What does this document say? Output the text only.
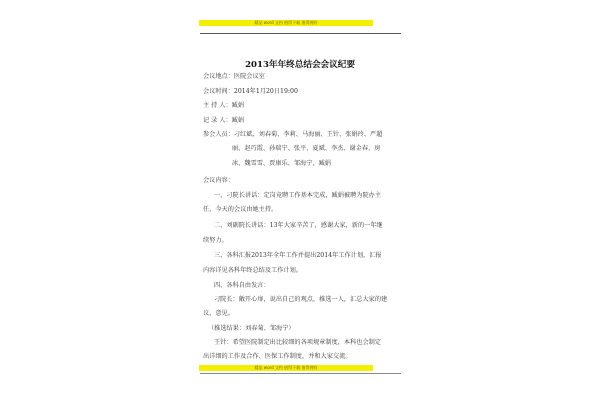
精品 word 文档 值得下载 值得拥有
2013年年终总结会会议纪要
会议地点：医院会议室
会议时间：2014年1月20日19:00
主 持 人：臧娟
记 录 人：臧娟
参会人员：刁红斌、刘春菊、李莉、马海丽、王针、张娟玲、严超
丽、赵巧霞、孙瑞宁、张平、夏斌、李杰、谢金春、房
冰、魏雪雪、贾康乐、邹海宁、臧娟
会议内容：
一、刁院长讲话：定岗竟聘工作基本完成，臧娟被聘为院办主
任，今天的会议由她主持。
二、刘副院长讲话：13年大家辛苦了，感谢大家，新的一年继
续努力。
三、各科汇报2013年全年工作并提出2014年工作计划，汇报
内容详见各科年终总结及工作计划。
四、各科自由发言：
刁院长：敞开心扉，说出自己的观点，推选一人，汇总大家的建
议、意见。
（推选结果：刘春菊、邹海宁）
王针：希望医院制定出比较细的各项规章制度，本科也会制定
出详细的工作及合作、医保工作制度，并和大家交流。
精品 word 文档 值得下载 值得拥有
